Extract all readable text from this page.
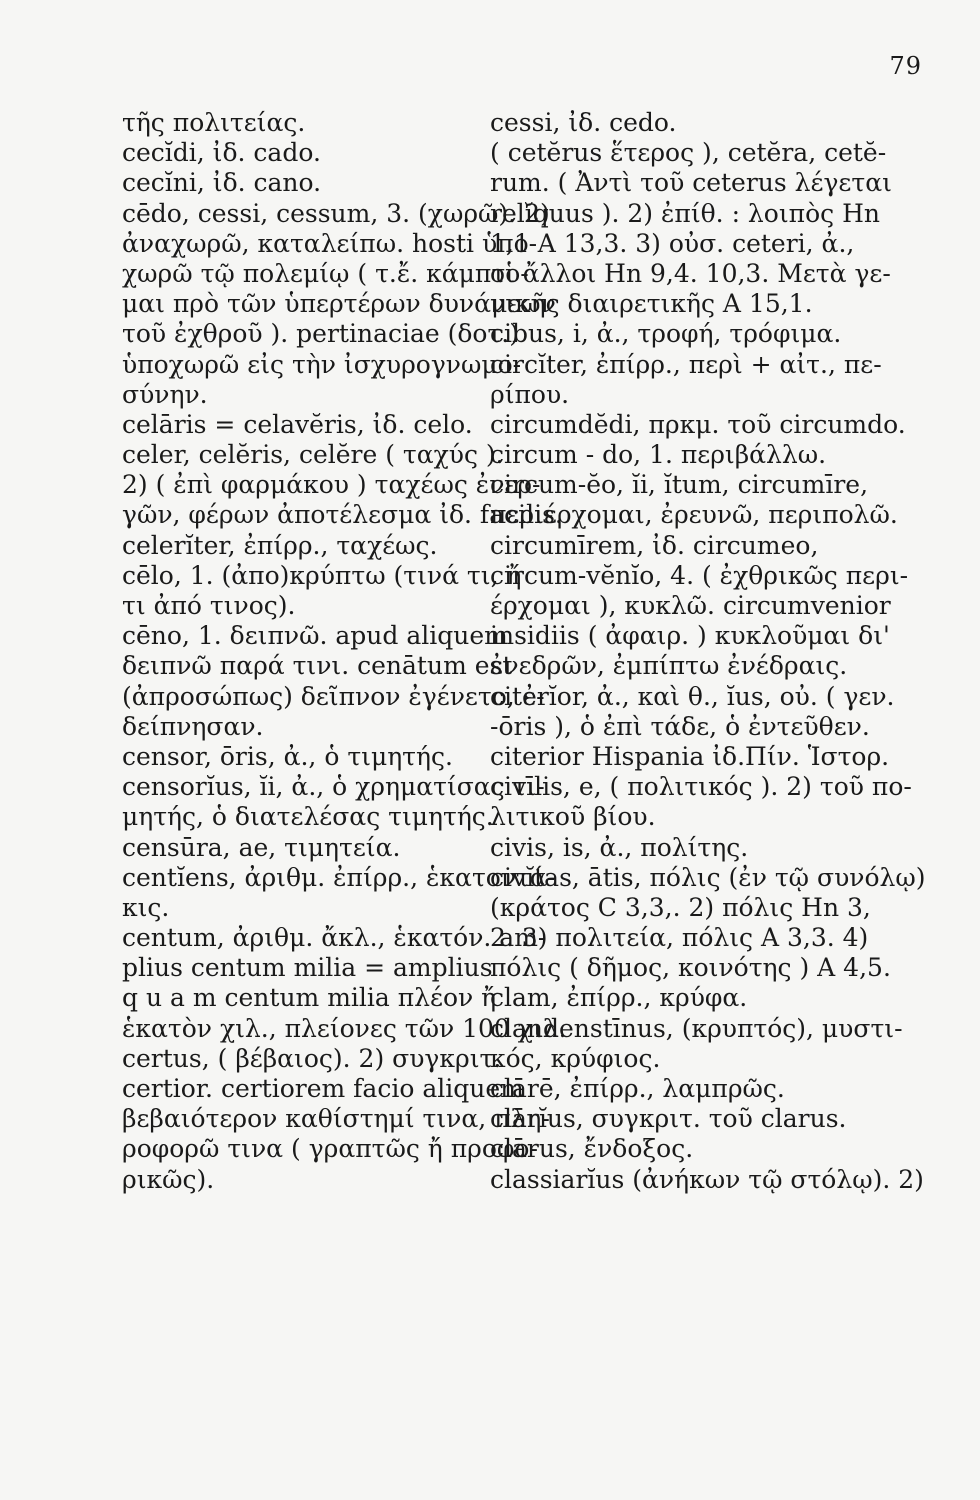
79
τῆς πολιτείας.
cecĭdi, ἰδ. cado.
cecĭni, ἰδ. cano.
cēdo, cessi, cessum, 3. (χωρῶ). 2)
ἀναχωρῶ, καταλείπω. hosti ὑπο-
χωρῶ τῷ πολεμίῳ ( τ.ἔ. κάμπτο-
μαι πρὸ τῶν ὑπερτέρων δυνάμεων
τοῦ ἐχθροῦ ). pertinaciae (δοτ.)
ὑποχωρῶ εἰς τὴν ἰσχυρογνωμο-
σύνην.
celāris = celavĕris, ἰδ. celo.
celer, celĕris, celĕre ( ταχύς ).
2) ( ἐπὶ φαρμάκου ) ταχέως ἐνερ-
γῶν, φέρων ἀποτέλεσμα ἰδ. facilis.
celerĭter, ἐπίρρ., ταχέως.
cēlo, 1. (ἀπο)κρύπτω (τινά τι, ἤ
τι ἀπό τινος).
cēno, 1. δειπνῶ. apud aliquem
δειπνῶ παρά τινι. cenātum est
(ἀπροσώπως) δεῖπνον ἐγένετο, ἐ-
δείπνησαν.
censor, ōris, ἀ., ὁ τιμητής.
censorĭus, ĭi, ἀ., ὁ χρηματίσας τι-
μητής, ὁ διατελέσας τιμητής.
censūra, ae, τιμητεία.
centĭens, ἀριθμ. ἐπίρρ., ἑκατοντά-
κις.
centum, ἀριθμ. ἄκλ., ἑκατόν. am-
plius centum milia = amplius
q u a m centum milia πλέον ἤ
ἑκατὸν χιλ., πλείονες τῶν 100 χιλ.
certus, ( βέβαιος). 2) συγκριτ.
certior. certiorem facio aliquem
βεβαιότερον καθίστημί τινα, πλη-
ροφορῶ τινα ( γραπτῶς ἤ προφο-
ρικῶς).
cessi, ἰδ. cedo.
( cetĕrus ἕτερος ), cetĕra, cetĕ-
rum. ( Ἀντὶ τοῦ ceterus λέγεται
relĭquus ). 2) ἐπίθ. : λοιπὸς Hn
1,1 A 13,3. 3) οὐσ. ceteri, ἀ.,
οἱ ἄλλοι Hn 9,4. 10,3. Μετὰ γε-
νικῆς διαιρετικῆς A 15,1.
cibus, i, ἀ., τροφή, τρόφιμα.
circĭter, ἐπίρρ., περὶ + αἰτ., πε-
ρίπου.
circumdĕdi, πρκμ. τοῦ circumdo.
circum - do, 1. περιβάλλω.
circum-ĕo, ĭi, ĭtum, circumīre,
περιέρχομαι, ἐρευνῶ, περιπολῶ.
circumīrem, ἰδ. circumeo,
circum-vĕnĭo, 4. ( ἐχθρικῶς περι-
έρχομαι ), κυκλῶ. circumvenior
insidiis ( ἀφαιρ. ) κυκλοῦμαι δι'
ἐνεδρῶν, ἐμπίπτω ἐνέδραις.
citerĭor, ἀ., καὶ θ., ĭus, οὐ. ( γεν.
-ōris ), ὁ ἐπὶ τάδε, ὁ ἐντεῦθεν.
citerior Hispania ἰδ.Πίν. Ἱστορ.
civīlis, e, ( πολιτικός ). 2) τοῦ πο-
λιτικοῦ βίου.
civis, is, ἀ., πολίτης.
civĭtas, ātis, πόλις (ἐν τῷ συνόλῳ)
(κράτος C 3,3,. 2) πόλις Hn 3,
2. 3) πολιτεία, πόλις A 3,3. 4)
πόλις ( δῆμος, κοινότης ) A 4,5.
clam, ἐπίρρ., κρύφα.
clandenstīnus, (κρυπτός), μυστι-
κός, κρύφιος.
clārē, ἐπίρρ., λαμπρῶς.
clārĭus, συγκριτ. τοῦ clarus.
clārus, ἔνδοξος.
classiarĭus (ἀνήκων τῷ στόλῳ). 2)
